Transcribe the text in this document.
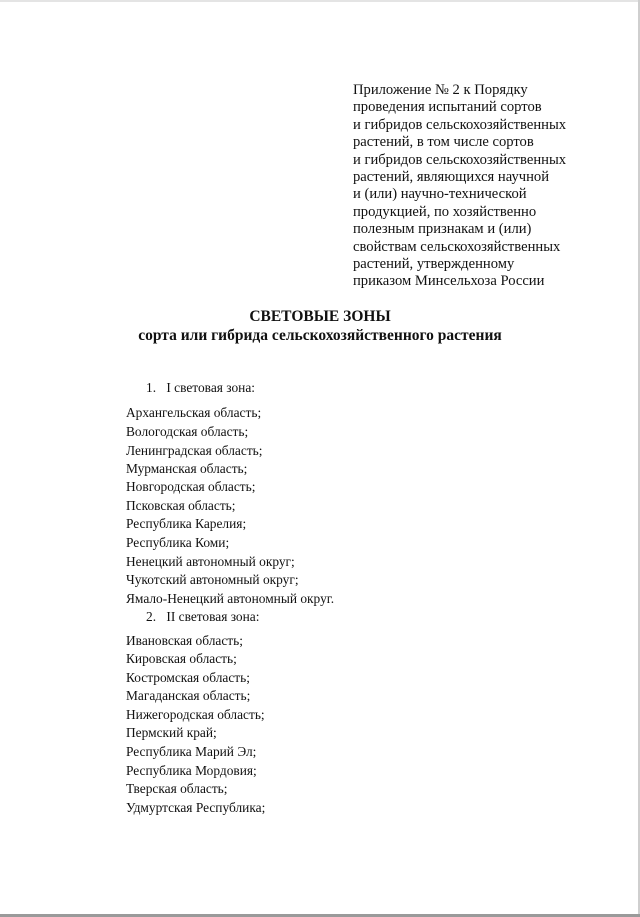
Приложение № 2 к Порядку
проведения испытаний сортов
и гибридов сельскохозяйственных
растений, в том числе сортов
и гибридов сельскохозяйственных
растений, являющихся научной
и (или) научно-технической
продукцией, по хозяйственно
полезным признакам и (или)
свойствам сельскохозяйственных
растений, утвержденному
приказом Минсельхоза России
СВЕТОВЫЕ ЗОНЫ
сорта или гибрида сельскохозяйственного растения
1. I световая зона:
Архангельская область;
Вологодская область;
Ленинградская область;
Мурманская область;
Новгородская область;
Псковская область;
Республика Карелия;
Республика Коми;
Ненецкий автономный округ;
Чукотский автономный округ;
Ямало-Ненецкий автономный округ.
2. II световая зона:
Ивановская область;
Кировская область;
Костромская область;
Магаданская область;
Нижегородская область;
Пермский край;
Республика Марий Эл;
Республика Мордовия;
Тверская область;
Удмуртская Республика;
